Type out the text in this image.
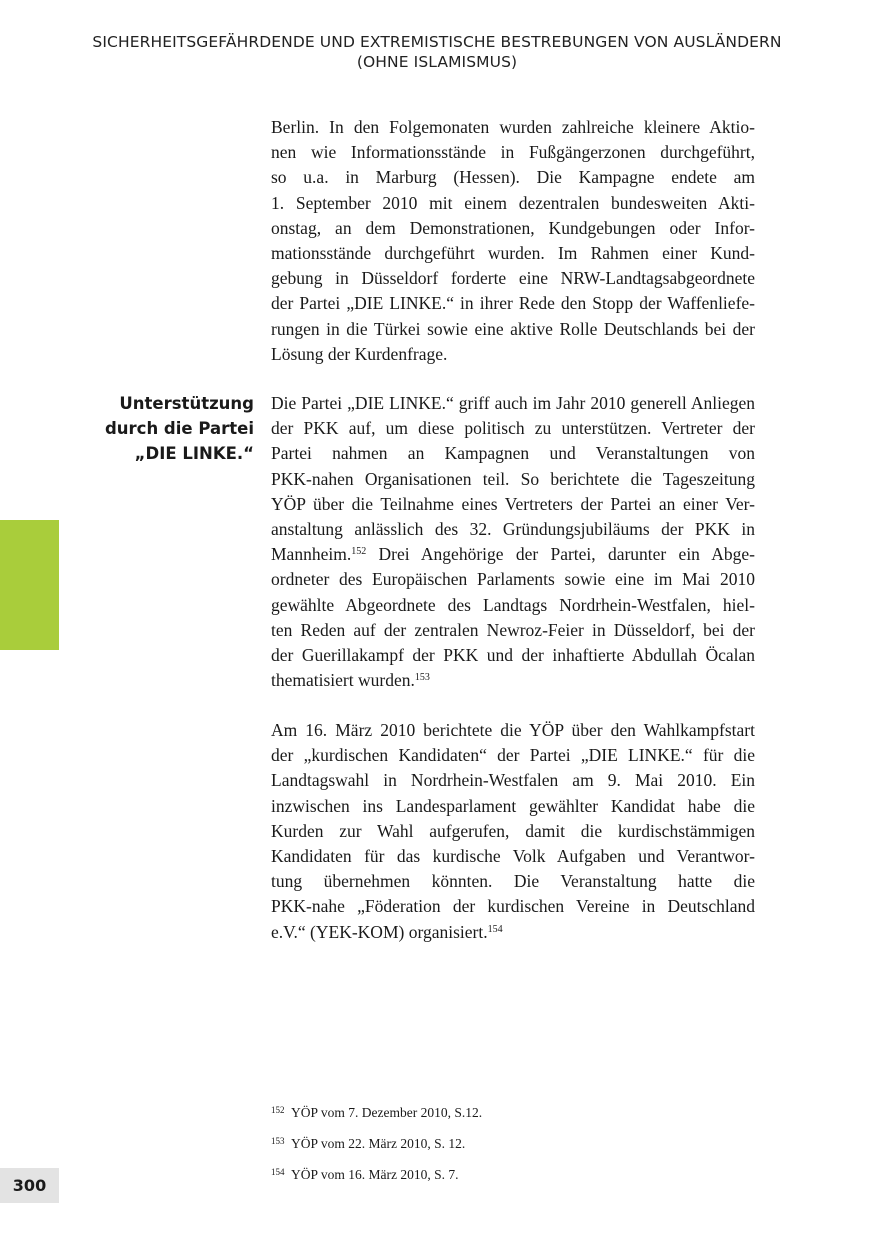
SICHERHEITSGEFÄHRDENDE UND EXTREMISTISCHE BESTREBUNGEN VON AUSLÄNDERN
(OHNE ISLAMISMUS)
Unterstützung
durch die Partei
„DIE LINKE.“
Berlin. In den Folgemonaten wurden zahlreiche kleinere Aktio-
nen wie Informationsstände in Fußgängerzonen durchgeführt,
so u.a. in Marburg (Hessen). Die Kampagne endete am
1. September 2010 mit einem dezentralen bundesweiten Akti-
onstag, an dem Demonstrationen, Kundgebungen oder Infor-
mationsstände durchgeführt wurden. Im Rahmen einer Kund-
gebung in Düsseldorf forderte eine NRW-Landtagsabgeordnete
der Partei „DIE LINKE.“ in ihrer Rede den Stopp der Waffenliefe-
rungen in die Türkei sowie eine aktive Rolle Deutschlands bei der
Lösung der Kurdenfrage.
Die Partei „DIE LINKE.“ griff auch im Jahr 2010 generell Anliegen
der PKK auf, um diese politisch zu unterstützen. Vertreter der
Partei nahmen an Kampagnen und Veranstaltungen von
PKK-nahen Organisationen teil. So berichtete die Tageszeitung
YÖP über die Teilnahme eines Vertreters der Partei an einer Ver-
anstaltung anlässlich des 32. Gründungsjubiläums der PKK in
Mannheim.$^{152}$ Drei Angehörige der Partei, darunter ein Abge-
ordneter des Europäischen Parlaments sowie eine im Mai 2010
gewählte Abgeordnete des Landtags Nordrhein-Westfalen, hiel-
ten Reden auf der zentralen Newroz-Feier in Düsseldorf, bei der
der Guerillakampf der PKK und der inhaftierte Abdullah Öcalan
thematisiert wurden.$^{153}$
Am 16. März 2010 berichtete die YÖP über den Wahlkampfstart
der „kurdischen Kandidaten“ der Partei „DIE LINKE.“ für die
Landtagswahl in Nordrhein-Westfalen am 9. Mai 2010. Ein
inzwischen ins Landesparlament gewählter Kandidat habe die
Kurden zur Wahl aufgerufen, damit die kurdischstämmigen
Kandidaten für das kurdische Volk Aufgaben und Verantwor-
tung übernehmen könnten. Die Veranstaltung hatte die
PKK-nahe „Föderation der kurdischen Vereine in Deutschland
e.V.“ (YEK-KOM) organisiert.$^{154}$
152 YÖP vom 7. Dezember 2010, S.12.
153 YÖP vom 22. März 2010, S. 12.
154 YÖP vom 16. März 2010, S. 7.
300
